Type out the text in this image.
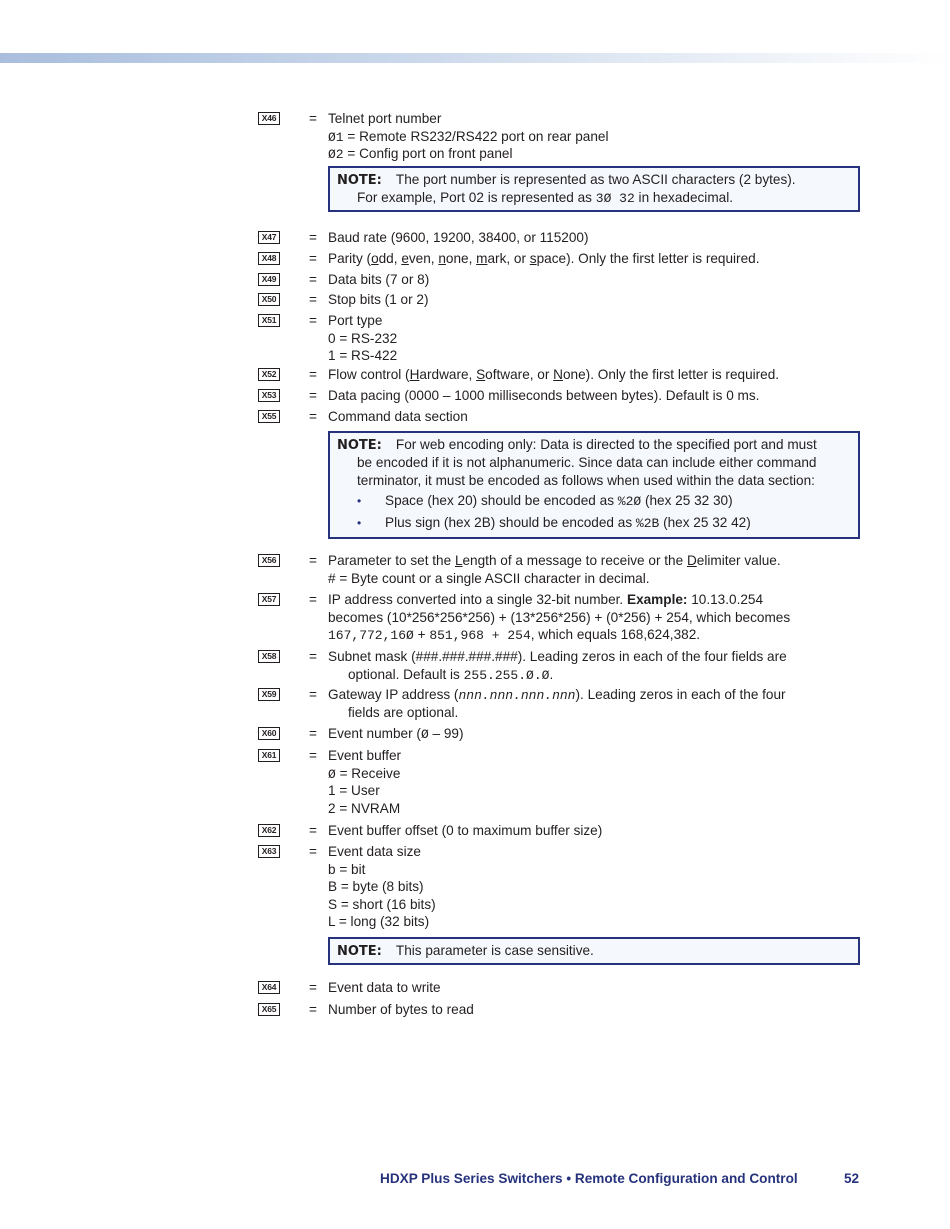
X46 = Telnet port number
Ø1 = Remote RS232/RS422 port on rear panel
Ø2 = Config port on front panel
NOTE: The port number is represented as two ASCII characters (2 bytes).
For example, Port 02 is represented as 3Ø 32 in hexadecimal.
X47 = Baud rate (9600, 19200, 38400, or 115200)
X48 = Parity (odd, even, none, mark, or space). Only the first letter is required.
X49 = Data bits (7 or 8)
X50 = Stop bits (1 or 2)
X51 = Port type
0 = RS-232
1 = RS-422
X52 = Flow control (Hardware, Software, or None). Only the first letter is required.
X53 = Data pacing (0000 – 1000 milliseconds between bytes). Default is 0 ms.
X55 = Command data section
NOTE: For web encoding only: Data is directed to the specified port and must
be encoded if it is not alphanumeric. Since data can include either command
terminator, it must be encoded as follows when used within the data section:
• Space (hex 20) should be encoded as %2Ø (hex 25 32 30)
• Plus sign (hex 2B) should be encoded as %2B (hex 25 32 42)
X56 = Parameter to set the Length of a message to receive or the Delimiter value.
# = Byte count or a single ASCII character in decimal.
X57 = IP address converted into a single 32-bit number. Example: 10.13.0.254
becomes (10*256*256*256) + (13*256*256) + (0*256) + 254, which becomes
167,772,16Ø + 851,968 + 254, which equals 168,624,382.
X58 = Subnet mask (###.###.###.###). Leading zeros in each of the four fields are
optional. Default is 255.255.Ø.Ø.
X59 = Gateway IP address (nnn.nnn.nnn.nnn). Leading zeros in each of the four
fields are optional.
X60 = Event number (Ø – 99)
X61 = Event buffer
Ø = Receive
1 = User
2 = NVRAM
X62 = Event buffer offset (0 to maximum buffer size)
X63 = Event data size
b = bit
B = byte (8 bits)
S = short (16 bits)
L = long (32 bits)
NOTE: This parameter is case sensitive.
X64 = Event data to write
X65 = Number of bytes to read
HDXP Plus Series Switchers • Remote Configuration and Control	52
